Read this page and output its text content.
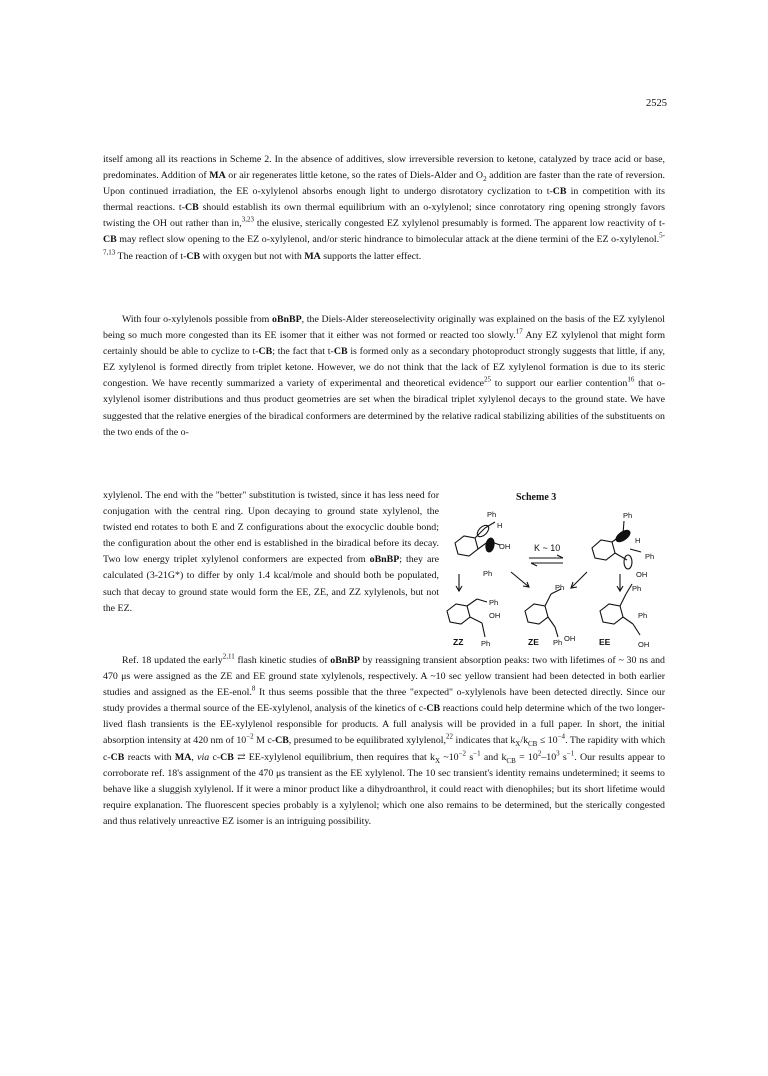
2525

itself among all its reactions in Scheme 2. In the absence of additives, slow irreversible reversion to ketone, catalyzed by trace acid or base, predominates. Addition of MA or air regenerates little ketone, so the rates of Diels-Alder and $O_2$ addition are faster than the rate of reversion. Upon continued irradiation, the EE o-xylylenol absorbs enough light to undergo disrotatory cyclization to t-CB in competition with its thermal reactions. t-CB should establish its own thermal equilibrium with an o-xylylenol; since conrotatory ring opening strongly favors twisting the OH out rather than in,$^{3,23}$ the elusive, sterically congested EZ xylylenol presumably is formed. The apparent low reactivity of t-CB may reflect slow opening to the EZ o-xylylenol, and/or steric hindrance to bimolecular attack at the diene termini of the EZ o-xylylenol.$^{5-7,13}$ The reaction of t-CB with oxygen but not with MA supports the latter effect.

With four o-xylylenols possible from oBnBP, the Diels-Alder stereoselectivity originally was explained on the basis of the EZ xylylenol being so much more congested than its EE isomer that it either was not formed or reacted too slowly.$^{17}$ Any EZ xylylenol that might form certainly should be able to cyclize to t-CB; the fact that t-CB is formed only as a secondary photoproduct strongly suggests that little, if any, EZ xylylenol is formed directly from triplet ketone. However, we do not think that the lack of EZ xylylenol formation is due to its steric congestion. We have recently summarized a variety of experimental and theoretical evidence$^{25}$ to support our earlier contention$^{16}$ that o-xylylenol isomer distributions and thus product geometries are set when the biradical triplet xylylenol decays to the ground state. We have suggested that the relative energies of the biradical conformers are determined by the relative radical stabilizing abilities of the substituents on the two ends of the o-

xylylenol. The end with the "better" substitution is twisted, since it has less need for conjugation with the central ring. Upon decaying to ground state xylylenol, the twisted end rotates to both E and Z configurations about the exocyclic double bond; the configuration about the other end is established in the biradical before its decay. Two low energy triplet xylylenol conformers are expected from oBnBP; they are calculated (3-21G*) to differ by only 1.4 kcal/mole and should both be populated, such that decay to ground state would form the EE, ZE, and ZZ xylylenols, but not the EZ.

Scheme 3
Ph
H
OH
Ph
H
Ph
OH
Ph
Ph	Ph
Ph
OH	Ph
Ph OH
OH
Ph
K ~ 10
ZZ	ZE	EE

Ref. 18 updated the early$^{2,11}$ flash kinetic studies of oBnBP by reassigning transient absorption peaks: two with lifetimes of ~ 30 ns and 470 μs were assigned as the ZE and EE ground state xylylenols, respectively. A ~10 sec yellow transient had been detected in both earlier studies and assigned as the EE-enol.$^8$ It thus seems possible that the three "expected" o-xylylenols have been detected directly. Since our study provides a thermal source of the EE-xylylenol, analysis of the kinetics of c-CB reactions could help determine which of the two longer-lived flash transients is the EE-xylylenol responsible for products. A full analysis will be provided in a full paper. In short, the initial absorption intensity at 420 nm of $10^{-2}$ M c-CB, presumed to be equilibrated xylylenol,$^{22}$ indicates that $k_X/k_{CB} \le 10^{-4}$. The rapidity with which c-CB reacts with MA, via c-CB ⇄ EE-xylylenol equilibrium, then requires that $k_X$ $\sim 10^{-2}$ $s^{-1}$ and $k_{CB} = 10^2-10^3$ $s^{-1}$. Our results appear to corroborate ref. 18's assignment of the 470 μs transient as the EE xylylenol. The 10 sec transient's identity remains undetermined; it seems to behave like a sluggish xylylenol. If it were a minor product like a dihydroanthrol, it could react with dienophiles; but its short lifetime would require explanation. The fluorescent species probably is a xylylenol; which one also remains to be determined, but the sterically congested and thus relatively unreactive EZ isomer is an intriguing possibility.
